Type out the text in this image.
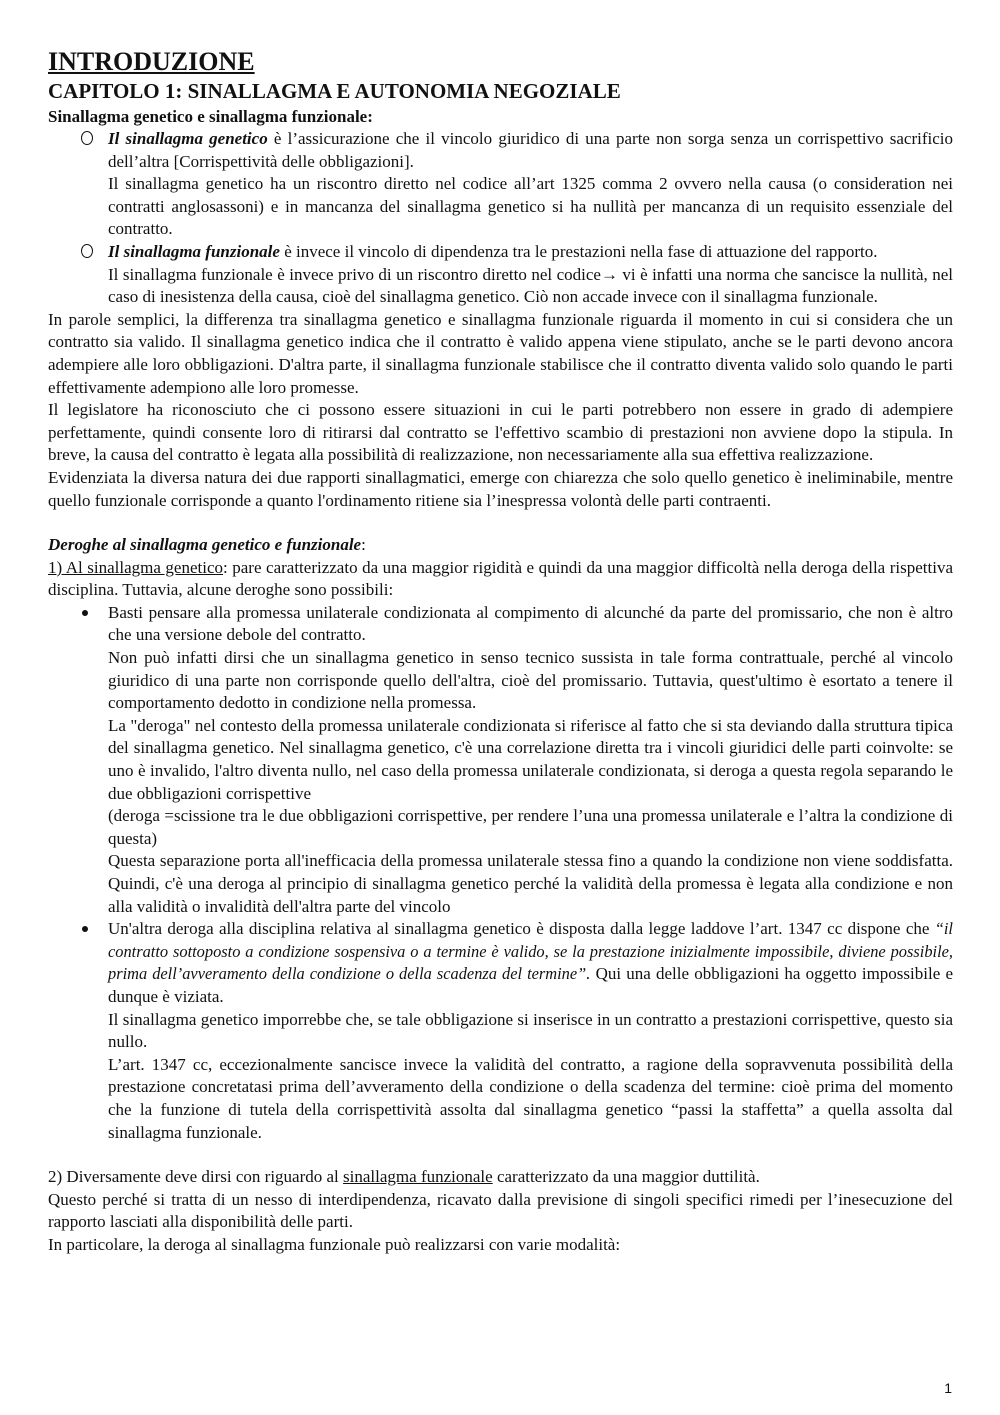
INTRODUZIONE
CAPITOLO 1: SINALLAGMA E AUTONOMIA NEGOZIALE
Sinallagma genetico e sinallagma funzionale:

Il sinallagma genetico è l’assicurazione che il vincolo giuridico di una parte non sorga senza un corrispettivo sacrificio dell’altra [Corrispettività delle obbligazioni].

Il sinallagma genetico ha un riscontro diretto nel codice all’art 1325 comma 2 ovvero nella causa (o consideration nei contratti anglosassoni) e in mancanza del sinallagma genetico si ha nullità per mancanza di un requisito essenziale del contratto.

Il sinallagma funzionale è invece il vincolo di dipendenza tra le prestazioni nella fase di attuazione del rapporto.

Il sinallagma funzionale è invece privo di un riscontro diretto nel codice→ vi è infatti una norma che sancisce la nullità, nel caso di inesistenza della causa, cioè del sinallagma genetico. Ciò non accade invece con il sinallagma funzionale.

In parole semplici, la differenza tra sinallagma genetico e sinallagma funzionale riguarda il momento in cui si considera che un contratto sia valido. Il sinallagma genetico indica che il contratto è valido appena viene stipulato, anche se le parti devono ancora adempiere alle loro obbligazioni. D'altra parte, il sinallagma funzionale stabilisce che il contratto diventa valido solo quando le parti effettivamente adempiono alle loro promesse.

Il legislatore ha riconosciuto che ci possono essere situazioni in cui le parti potrebbero non essere in grado di adempiere perfettamente, quindi consente loro di ritirarsi dal contratto se l'effettivo scambio di prestazioni non avviene dopo la stipula. In breve, la causa del contratto è legata alla possibilità di realizzazione, non necessariamente alla sua effettiva realizzazione.

Evidenziata la diversa natura dei due rapporti sinallagmatici, emerge con chiarezza che solo quello genetico è ineliminabile, mentre quello funzionale corrisponde a quanto l'ordinamento ritiene sia l’inespressa volontà delle parti contraenti.

Deroghe al sinallagma genetico e funzionale:

1) Al sinallagma genetico: pare caratterizzato da una maggior rigidità e quindi da una maggior difficoltà nella deroga della rispettiva disciplina. Tuttavia, alcune deroghe sono possibili:

Basti pensare alla promessa unilaterale condizionata al compimento di alcunché da parte del promissario, che non è altro che una versione debole del contratto.

Non può infatti dirsi che un sinallagma genetico in senso tecnico sussista in tale forma contrattuale, perché al vincolo giuridico di una parte non corrisponde quello dell'altra, cioè del promissario. Tuttavia, quest'ultimo è esortato a tenere il comportamento dedotto in condizione nella promessa.

La "deroga" nel contesto della promessa unilaterale condizionata si riferisce al fatto che si sta deviando dalla struttura tipica del sinallagma genetico. Nel sinallagma genetico, c'è una correlazione diretta tra i vincoli giuridici delle parti coinvolte: se uno è invalido, l'altro diventa nullo, nel caso della promessa unilaterale condizionata, si deroga a questa regola separando le due obbligazioni corrispettive

(deroga =scissione tra le due obbligazioni corrispettive, per rendere l’una una promessa unilaterale e l’altra la condizione di questa)

Questa separazione porta all'inefficacia della promessa unilaterale stessa fino a quando la condizione non viene soddisfatta. Quindi, c'è una deroga al principio di sinallagma genetico perché la validità della promessa è legata alla condizione e non alla validità o invalidità dell'altra parte del vincolo

Un'altra deroga alla disciplina relativa al sinallagma genetico è disposta dalla legge laddove l’art. 1347 cc dispone che “il contratto sottoposto a condizione sospensiva o a termine è valido, se la prestazione inizialmente impossibile, diviene possibile, prima dell’avveramento della condizione o della scadenza del termine”. Qui una delle obbligazioni ha oggetto impossibile e dunque è viziata.

Il sinallagma genetico imporrebbe che, se tale obbligazione si inserisce in un contratto a prestazioni corrispettive, questo sia nullo.

L’art. 1347 cc, eccezionalmente sancisce invece la validità del contratto, a ragione della sopravvenuta possibilità della prestazione concretatasi prima dell’avveramento della condizione o della scadenza del termine: cioè prima del momento che la funzione di tutela della corrispettività assolta dal sinallagma genetico “passi la staffetta” a quella assolta dal sinallagma funzionale.

2) Diversamente deve dirsi con riguardo al sinallagma funzionale caratterizzato da una maggior duttilità.

Questo perché si tratta di un nesso di interdipendenza, ricavato dalla previsione di singoli specifici rimedi per l’inesecuzione del rapporto lasciati alla disponibilità delle parti.

In particolare, la deroga al sinallagma funzionale può realizzarsi con varie modalità:

1
